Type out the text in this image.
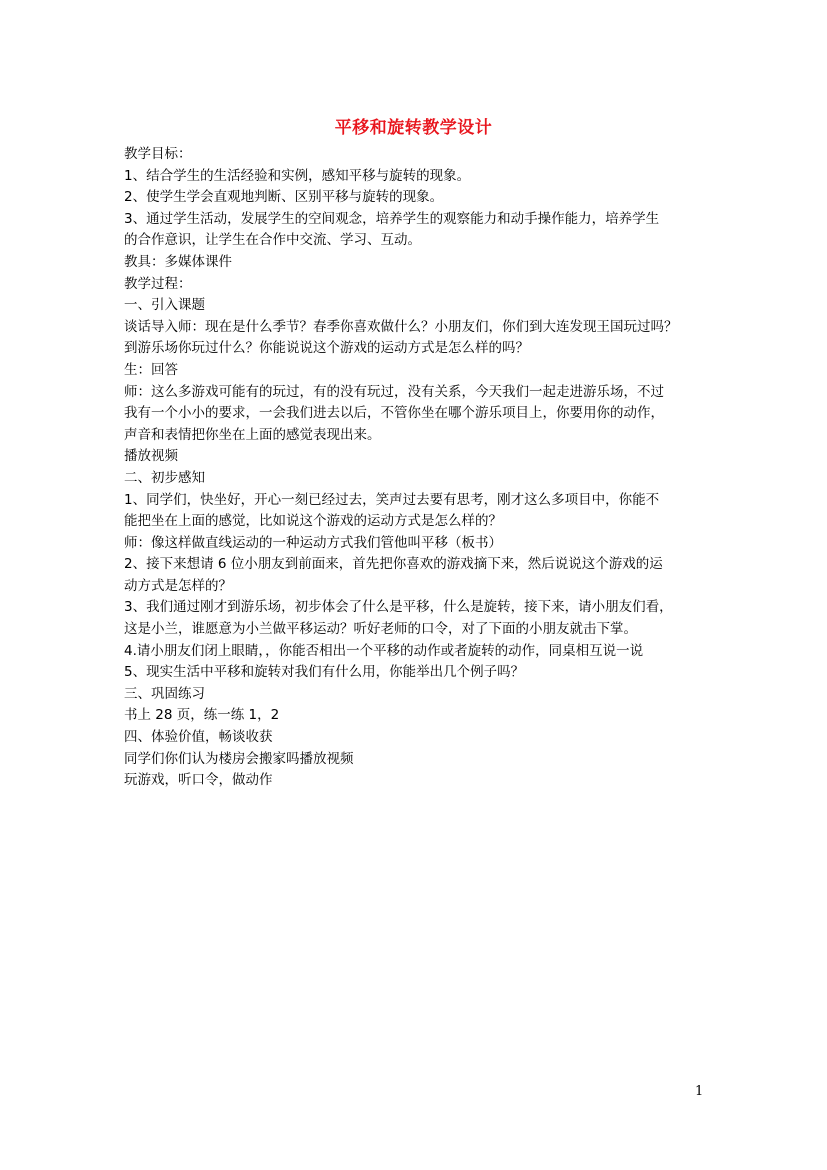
平移和旋转教学设计
教学目标：
1、结合学生的生活经验和实例，感知平移与旋转的现象。
2、使学生学会直观地判断、区别平移与旋转的现象。
3、通过学生活动，发展学生的空间观念，培养学生的观察能力和动手操作能力，培养学生
的合作意识，让学生在合作中交流、学习、互动。
教具：多媒体课件
教学过程：
一、引入课题
谈话导入师：现在是什么季节？春季你喜欢做什么？小朋友们，你们到大连发现王国玩过吗？
到游乐场你玩过什么？你能说说这个游戏的运动方式是怎么样的吗？
生：回答
师：这么多游戏可能有的玩过，有的没有玩过，没有关系，今天我们一起走进游乐场，不过
我有一个小小的要求，一会我们进去以后，不管你坐在哪个游乐项目上，你要用你的动作，
声音和表情把你坐在上面的感觉表现出来。
播放视频
二、初步感知
1、同学们，快坐好，开心一刻已经过去，笑声过去要有思考，刚才这么多项目中，你能不
能把坐在上面的感觉，比如说这个游戏的运动方式是怎么样的？
师：像这样做直线运动的一种运动方式我们管他叫平移（板书）
2、接下来想请 6 位小朋友到前面来，首先把你喜欢的游戏摘下来，然后说说这个游戏的运
动方式是怎样的？
3、我们通过刚才到游乐场，初步体会了什么是平移，什么是旋转，接下来，请小朋友们看，
这是小兰，谁愿意为小兰做平移运动？听好老师的口令，对了下面的小朋友就击下掌。
4.请小朋友们闭上眼睛，，你能否相出一个平移的动作或者旋转的动作，同桌相互说一说
5、现实生活中平移和旋转对我们有什么用，你能举出几个例子吗？
三、巩固练习
书上 28 页，练一练 1，2
四、体验价值，畅谈收获
同学们你们认为楼房会搬家吗播放视频
玩游戏，听口令，做动作
1
